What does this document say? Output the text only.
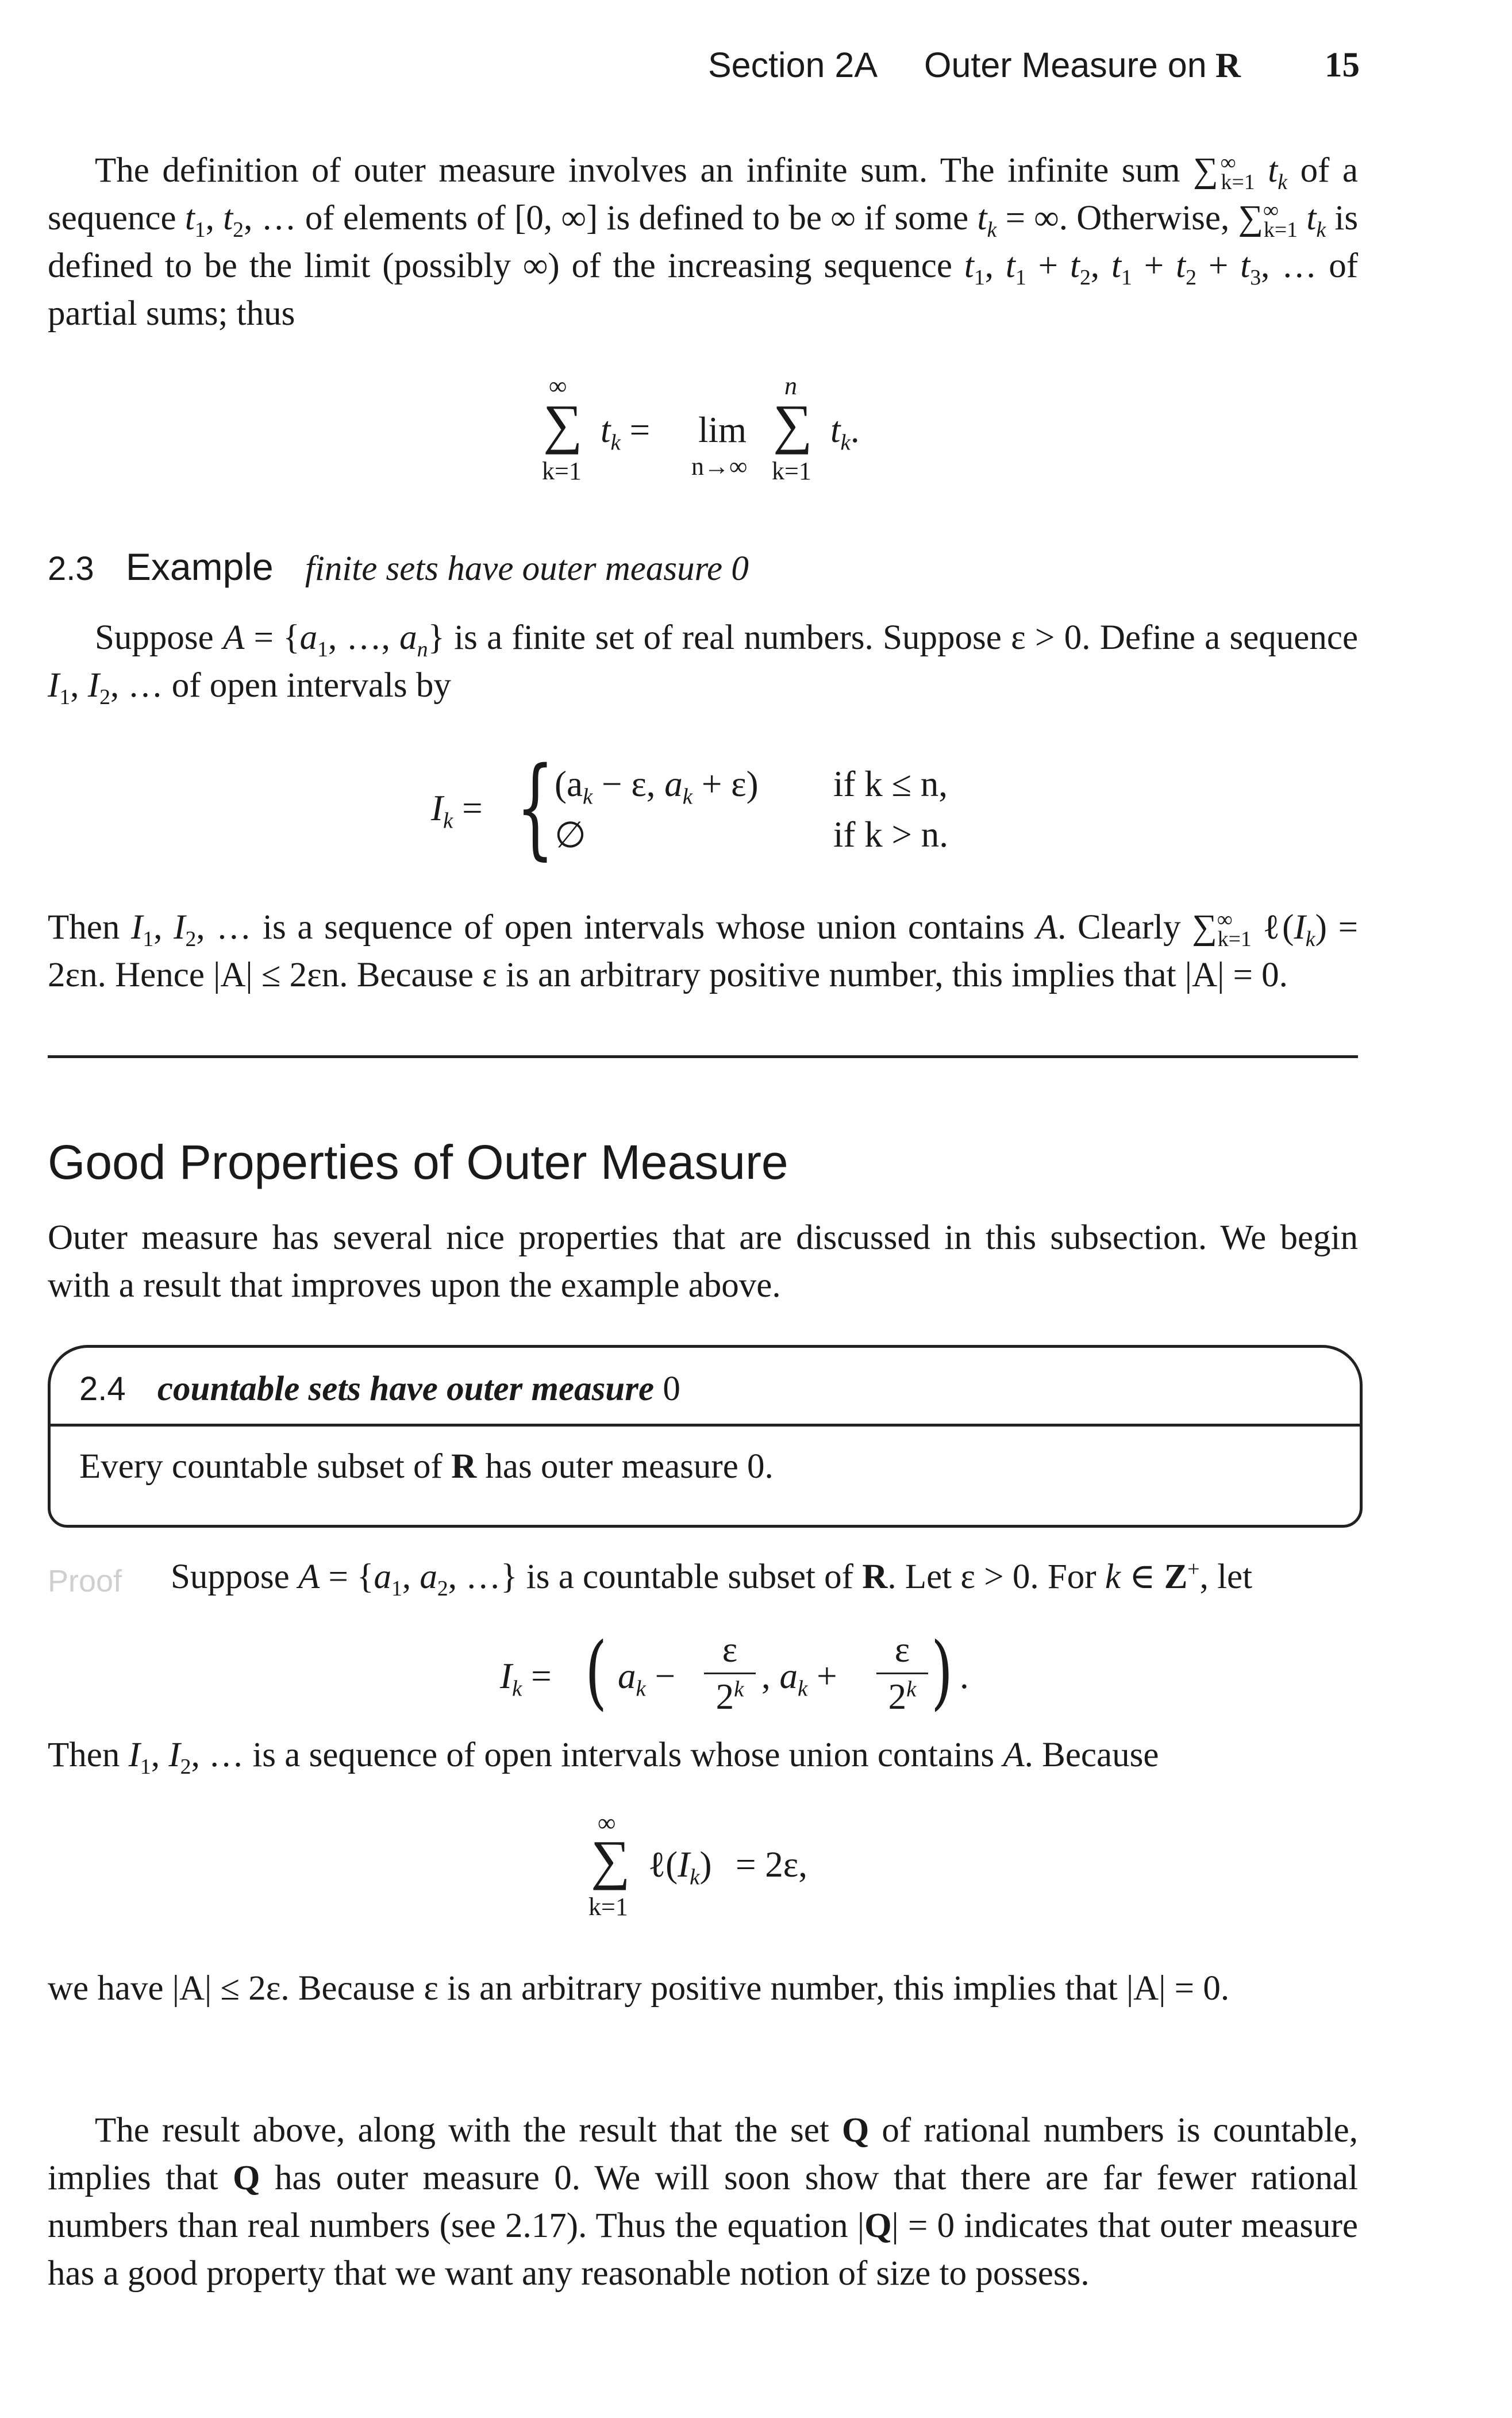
Section 2A Outer Measure on R 15
The definition of outer measure involves an infinite sum. The infinite sum ∑ ∞$_{k=1}$ $t_k$ of a sequence $t_1$, $t_2$, … of elements of [0, ∞] is defined to be ∞ if some $t_k$ = ∞. Otherwise, $\sum^\infty_{k=1}$ $t_k$ is defined to be the limit (possibly ∞) of the increasing sequence $t_1$, $t_1 + t_2$, $t_1 + t_2 + t_3$, … of partial sums; thus
∞
∑
k=1
$t_k = \lim$
n→∞
n
∑
k=1
$t_k$.
2.3 Example finite sets have outer measure 0
Suppose $A = \{a_1$, …, $a_n$} is a finite set of real numbers. Suppose ε > 0. Define a sequence $I_1$, $I_2$, … of open intervals by
$I_k$ = { ($a_k - \varepsilon$, $a_k + \varepsilon$) if k ≤ n,
∅	if k > n.
Then $I_1$, $I_2$, … is a sequence of open intervals whose union contains A. Clearly $\sum^\infty_{k=1}$ $\ell(I_k) = 2\varepsilon n$. Hence |A| ≤ 2εn. Because ε is an arbitrary positive number, this implies that |A| = 0.
Good Properties of Outer Measure
Outer measure has several nice properties that are discussed in this subsection. We begin with a result that improves upon the example above.
2.4 countable sets have outer measure 0
Every countable subset of R has outer measure 0.
Proof	Suppose $A = \{a_1$, $a_2$, …} is a countable subset of R. Let ε > 0. For k ∈ Z+, let
$I_k$ = ( $a_k$ −
ε
2$^k$ , $a_k$ +
ε
2$^k$ ) .
Then $I_1$, $I_2$, … is a sequence of open intervals whose union contains A. Because
∞
∑
k=1
$\ell(I_k) = 2\varepsilon$,
we have |A| ≤ 2ε. Because ε is an arbitrary positive number, this implies that |A| = 0.
The result above, along with the result that the set Q of rational numbers is countable, implies that Q has outer measure 0. We will soon show that there are far fewer rational numbers than real numbers (see 2.17). Thus the equation |Q| = 0 indicates that outer measure has a good property that we want any reasonable notion of size to possess.
